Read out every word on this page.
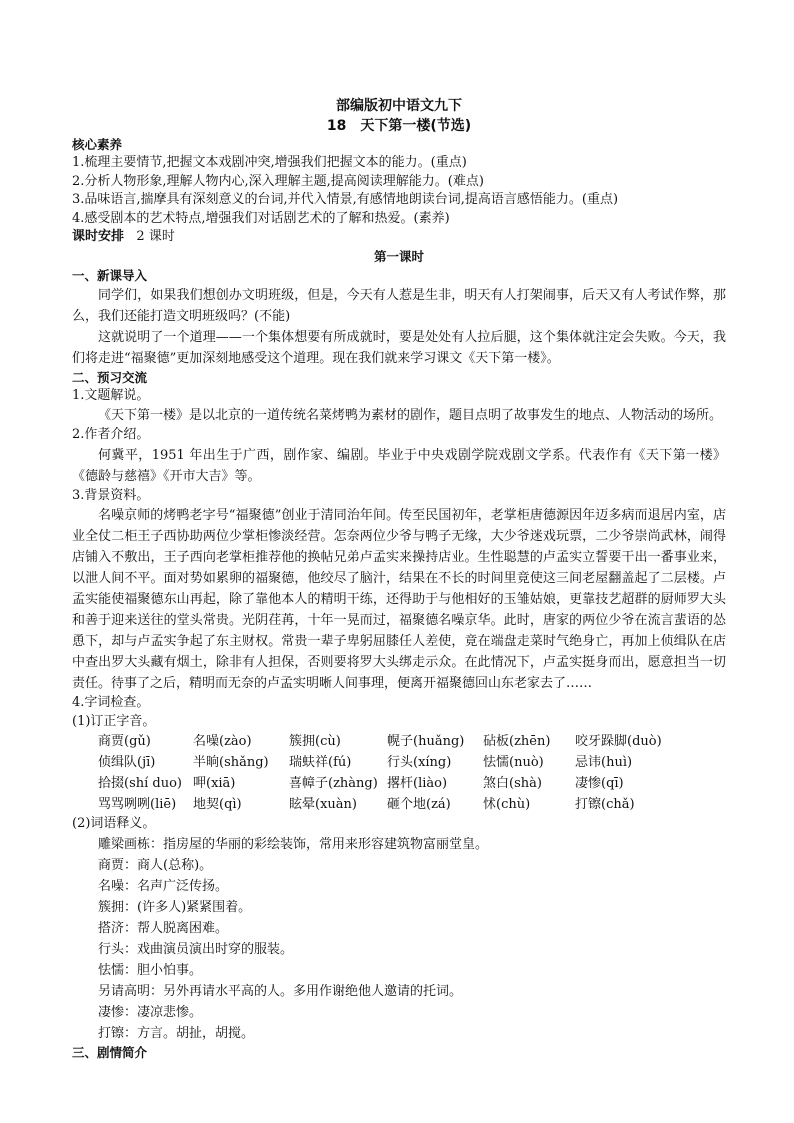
部编版初中语文九下
18　天下第一楼(节选)
核心素养
1.梳理主要情节,把握文本戏剧冲突,增强我们把握文本的能力。(重点)
2.分析人物形象,理解人物内心,深入理解主题,提高阅读理解能力。(难点)
3.品味语言,揣摩具有深刻意义的台词,并代入情景,有感情地朗读台词,提高语言感悟能力。(重点)
4.感受剧本的艺术特点,增强我们对话剧艺术的了解和热爱。(素养)
课时安排 2 课时
第一课时
一、新课导入
同学们，如果我们想创办文明班级，但是，今天有人惹是生非，明天有人打架闹事，后天又有人考试作弊，那么，我们还能打造文明班级吗？(不能)
这就说明了一个道理——一个集体想要有所成就时，要是处处有人拉后腿，这个集体就注定会失败。今天，我们将走进“福聚德”更加深刻地感受这个道理。现在我们就来学习课文《天下第一楼》。
二、预习交流
1.文题解说。
《天下第一楼》是以北京的一道传统名菜烤鸭为素材的剧作，题目点明了故事发生的地点、人物活动的场所。
2.作者介绍。
何冀平，1951 年出生于广西，剧作家、编剧。毕业于中央戏剧学院戏剧文学系。代表作有《天下第一楼》《德龄与慈禧》《开市大吉》等。
3.背景资料。
名噪京师的烤鸭老字号“福聚德”创业于清同治年间。传至民国初年，老掌柜唐德源因年迈多病而退居内室，店业全仗二柜王子西协助两位少掌柜惨淡经营。怎奈两位少爷与鸭子无缘，大少爷迷戏玩票，二少爷崇尚武林，闹得店铺入不敷出，王子西向老掌柜推荐他的换帖兄弟卢孟实来操持店业。生性聪慧的卢孟实立誓要干出一番事业来，以泄人间不平。面对势如累卵的福聚德，他绞尽了脑汁，结果在不长的时间里竟使这三间老屋翻盖起了二层楼。卢孟实能使福聚德东山再起，除了靠他本人的精明干练，还得助于与他相好的玉雏姑娘，更靠技艺超群的厨师罗大头和善于迎来送往的堂头常贵。光阴荏苒，十年一晃而过，福聚德名噪京华。此时，唐家的两位少爷在流言蜚语的怂恿下，却与卢孟实争起了东主财权。常贵一辈子卑躬屈膝任人差使，竟在端盘走菜时气绝身亡，再加上侦缉队在店中查出罗大头藏有烟土，除非有人担保，否则要将罗大头绑走示众。在此情况下，卢孟实挺身而出，愿意担当一切责任。待事了之后，精明而无奈的卢孟实明晰人间事理，便离开福聚德回山东老家去了……
4.字词检查。
(1)订正字音。
商贾(gǔ)	名噪(zào)	簇拥(cù)	幌子(huǎng)	砧板(zhēn)	咬牙跺脚(duò)
侦缉队(jī)	半晌(shǎng)	瑞蚨祥(fú)	行头(xíng)	怯懦(nuò)	忌讳(huì)
拾掇(shí duo) 呷(xiā)	喜幛子(zhàng) 撂杆(liào)	煞白(shà)	凄惨(qī)
骂骂咧咧(liē)	地契(qì)	眩晕(xuàn)	砸个地(zá)	怵(chù)	打镲(chǎ)
(2)词语释义。
雕梁画栋：指房屋的华丽的彩绘装饰，常用来形容建筑物富丽堂皇。
商贾：商人(总称)。
名噪：名声广泛传扬。
簇拥：(许多人)紧紧围着。
搭济：帮人脱离困难。
行头：戏曲演员演出时穿的服装。
怯懦：胆小怕事。
另请高明：另外再请水平高的人。多用作谢绝他人邀请的托词。
凄惨：凄凉悲惨。
打镲：方言。胡扯，胡搅。
三、剧情简介
